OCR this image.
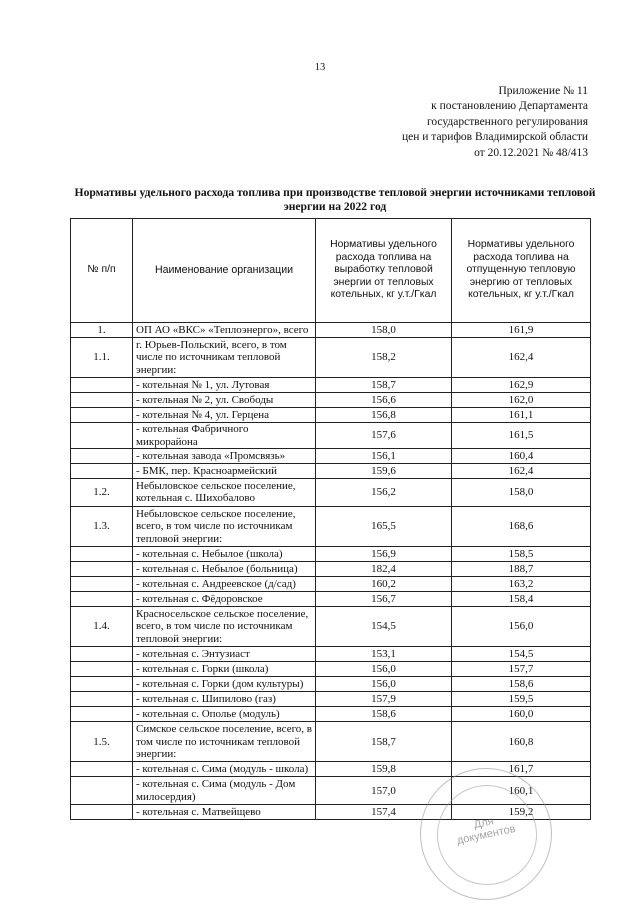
13
Приложение № 11
к постановлению Департамента
государственного регулирования
цен и тарифов Владимирской области
от 20.12.2021 № 48/413
Нормативы удельного расхода топлива при производстве тепловой энергии источниками тепловой энергии на 2022 год
№ п/п	Наименование организации	Нормативы удельного расхода топлива на выработку тепловой энергии от тепловых котельных, кг у.т./Гкал	Нормативы удельного расхода топлива на отпущенную тепловую энергию от тепловых котельных, кг у.т./Гкал
1.	ОП АО «ВКС» «Теплоэнерго», всего	158,0	161,9
1.1.	г. Юрьев-Польский, всего, в том числе по источникам тепловой энергии:	158,2	162,4
	- котельная № 1, ул. Лутовая	158,7	162,9
	- котельная № 2, ул. Свободы	156,6	162,0
	- котельная № 4, ул. Герцена	156,8	161,1
	- котельная Фабричного микрорайона	157,6	161,5
	- котельная завода «Промсвязь»	156,1	160,4
	- БМК, пер. Красноармейский	159,6	162,4
1.2.	Небыловское сельское поселение, котельная с. Шихобалово	156,2	158,0
1.3.	Небыловское сельское поселение, всего, в том числе по источникам тепловой энергии:	165,5	168,6
	- котельная с. Небылое (школа)	156,9	158,5
	- котельная с. Небылое (больница)	182,4	188,7
	- котельная с. Андреевское (д/сад)	160,2	163,2
	- котельная с. Фёдоровское	156,7	158,4
1.4.	Красносельское сельское поселение, всего, в том числе по источникам тепловой энергии:	154,5	156,0
	- котельная с. Энтузиаст	153,1	154,5
	- котельная с. Горки (школа)	156,0	157,7
	- котельная с. Горки (дом культуры)	156,0	158,6
	- котельная с. Шипилово (газ)	157,9	159,5
	- котельная с. Ополье (модуль)	158,6	160,0
1.5.	Симское сельское поселение, всего, в том числе по источникам тепловой энергии:	158,7	160,8
	- котельная с. Сима (модуль - школа)	159,8	161,7
	- котельная с. Сима (модуль - Дом милосердия)	157,0	160,1
	- котельная с. Матвейщево	157,4	159,2
Для документов
